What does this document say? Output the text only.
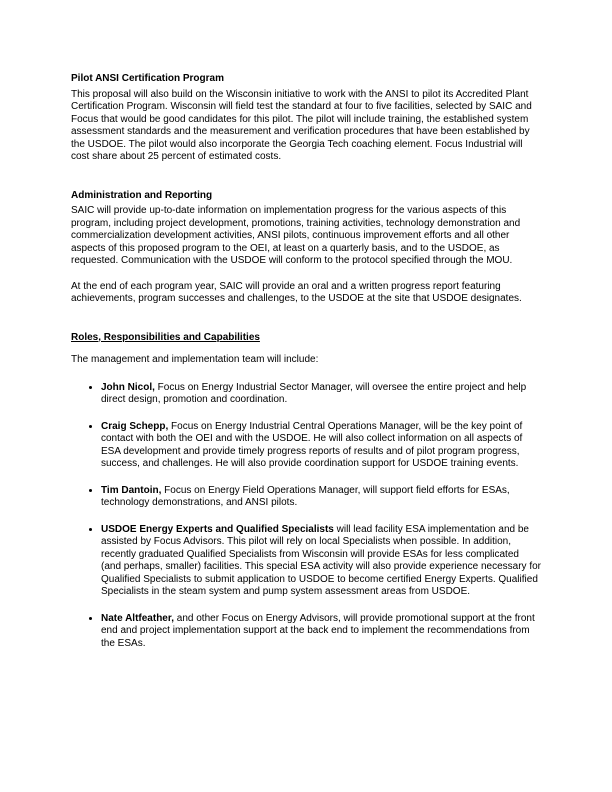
Pilot ANSI Certification Program

This proposal will also build on the Wisconsin initiative to work with the ANSI to pilot its Accredited Plant Certification Program. Wisconsin will field test the standard at four to five facilities, selected by SAIC and Focus that would be good candidates for this pilot. The pilot will include training, the established system assessment standards and the measurement and verification procedures that have been established by the USDOE. The pilot would also incorporate the Georgia Tech coaching element. Focus Industrial will cost share about 25 percent of estimated costs.

Administration and Reporting

SAIC will provide up-to-date information on implementation progress for the various aspects of this program, including project development, promotions, training activities, technology demonstration and commercialization development activities, ANSI pilots, continuous improvement efforts and all other aspects of this proposed program to the OEI, at least on a quarterly basis, and to the USDOE, as requested. Communication with the USDOE will conform to the protocol specified through the MOU.

At the end of each program year, SAIC will provide an oral and a written progress report featuring achievements, program successes and challenges, to the USDOE at the site that USDOE designates.

Roles, Responsibilities and Capabilities

The management and implementation team will include:

• John Nicol, Focus on Energy Industrial Sector Manager, will oversee the entire project and help direct design, promotion and coordination.
• Craig Schepp, Focus on Energy Industrial Central Operations Manager, will be the key point of contact with both the OEI and with the USDOE. He will also collect information on all aspects of ESA development and provide timely progress reports of results and of pilot program progress, success, and challenges. He will also provide coordination support for USDOE training events.
• Tim Dantoin, Focus on Energy Field Operations Manager, will support field efforts for ESAs, technology demonstrations, and ANSI pilots.
• USDOE Energy Experts and Qualified Specialists will lead facility ESA implementation and be assisted by Focus Advisors. This pilot will rely on local Specialists when possible. In addition, recently graduated Qualified Specialists from Wisconsin will provide ESAs for less complicated (and perhaps, smaller) facilities. This special ESA activity will also provide experience necessary for Qualified Specialists to submit application to USDOE to become certified Energy Experts. Qualified Specialists in the steam system and pump system assessment areas from USDOE.
• Nate Altfeather, and other Focus on Energy Advisors, will provide promotional support at the front end and project implementation support at the back end to implement the recommendations from the ESAs.
